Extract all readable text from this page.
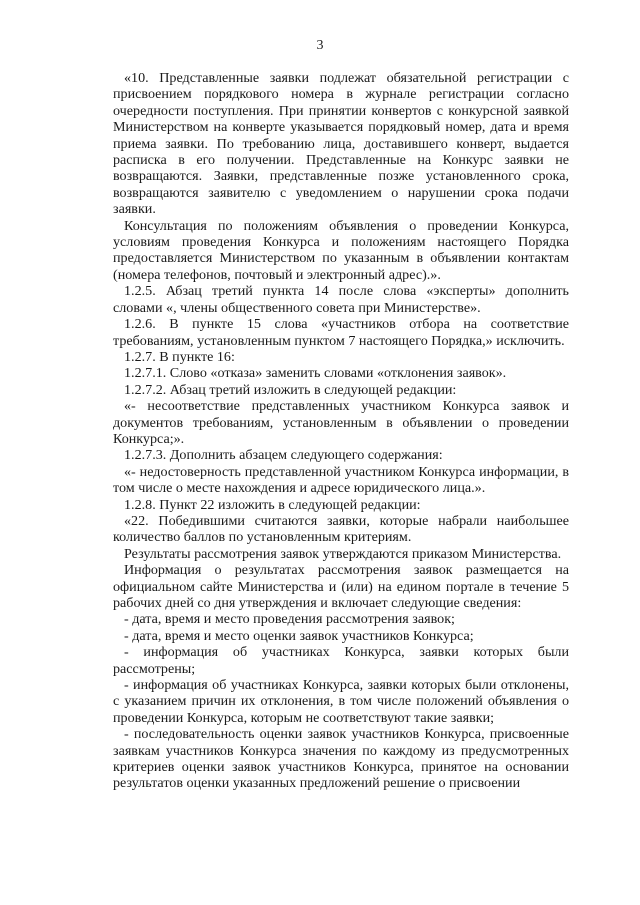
3

«10. Представленные заявки подлежат обязательной регистрации с присвоением порядкового номера в журнале регистрации согласно очередности поступления. При принятии конвертов с конкурсной заявкой Министерством на конверте указывается порядковый номер, дата и время приема заявки. По требованию лица, доставившего конверт, выдается расписка в его получении. Представленные на Конкурс заявки не возвращаются. Заявки, представленные позже установленного срока, возвращаются заявителю с уведомлением о нарушении срока подачи заявки.

Консультация по положениям объявления о проведении Конкурса, условиям проведения Конкурса и положениям настоящего Порядка предоставляется Министерством по указанным в объявлении контактам (номера телефонов, почтовый и электронный адрес).».

1.2.5. Абзац третий пункта 14 после слова «эксперты» дополнить словами «, члены общественного совета при Министерстве».

1.2.6. В пункте 15 слова «участников отбора на соответствие требованиям, установленным пунктом 7 настоящего Порядка,» исключить.

1.2.7. В пункте 16:

1.2.7.1. Слово «отказа» заменить словами «отклонения заявок».

1.2.7.2. Абзац третий изложить в следующей редакции:

«- несоответствие представленных участником Конкурса заявок и документов требованиям, установленным в объявлении о проведении Конкурса;».

1.2.7.3. Дополнить абзацем следующего содержания:

«- недостоверность представленной участником Конкурса информации, в том числе о месте нахождения и адресе юридического лица.».

1.2.8. Пункт 22 изложить в следующей редакции:

«22. Победившими считаются заявки, которые набрали наибольшее количество баллов по установленным критериям.

Результаты рассмотрения заявок утверждаются приказом Министерства.

Информация о результатах рассмотрения заявок размещается на официальном сайте Министерства и (или) на едином портале в течение 5 рабочих дней со дня утверждения и включает следующие сведения:

- дата, время и место проведения рассмотрения заявок;

- дата, время и место оценки заявок участников Конкурса;

- информация об участниках Конкурса, заявки которых были рассмотрены;

- информация об участниках Конкурса, заявки которых были отклонены, с указанием причин их отклонения, в том числе положений объявления о проведении Конкурса, которым не соответствуют такие заявки;

- последовательность оценки заявок участников Конкурса, присвоенные заявкам участников Конкурса значения по каждому из предусмотренных критериев оценки заявок участников Конкурса, принятое на основании результатов оценки указанных предложений решение о присвоении
